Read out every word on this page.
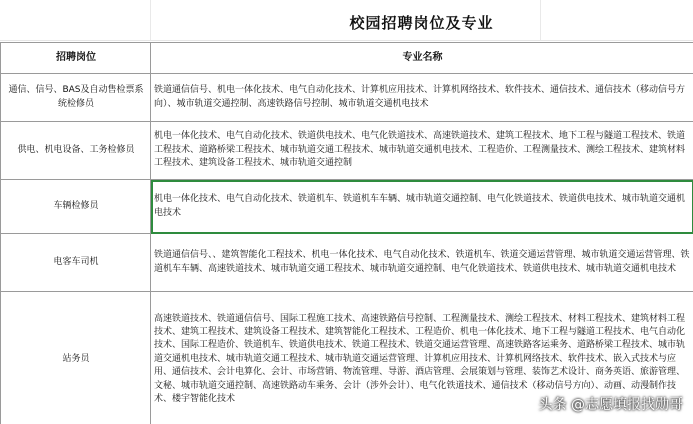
校园招聘岗位及专业
招聘岗位	专业名称
通信、信号、BAS及自动售检票系统检修员	铁道通信信号、机电一体化技术、电气自动化技术、计算机应用技术、计算机网络技术、软件技术、通信技术、通信技术（移动信号方向）、城市轨道交通控制、高速铁路信号控制、城市轨道交通机电技术
供电、机电设备、工务检修员	机电一体化技术、电气自动化技术、铁道供电技术、电气化铁道技术、高速铁道技术、建筑工程技术、地下工程与隧道工程技术、铁道工程技术、道路桥梁工程技术、城市轨道交通工程技术、城市轨道交通机电技术、工程造价、工程测量技术、测绘工程技术、建筑材料工程技术、建筑设备工程技术、城市轨道交通控制
车辆检修员	机电一体化技术、电气自动化技术、铁道机车、铁道机车车辆、城市轨道交通控制、电气化铁道技术、铁道供电技术、城市轨道交通机电技术
电客车司机	铁道通信信号、、建筑智能化工程技术、机电一体化技术、电气自动化技术、铁道机车、铁道交通运营管理、城市轨道交通运营管理、铁道机车车辆、高速铁道技术、城市轨道交通工程技术、城市轨道交通控制、电气化铁道技术、铁道供电技术、城市轨道交通机电技术
站务员	高速铁道技术、铁道通信信号、国际工程施工技术、高速铁路信号控制、工程测量技术、测绘工程技术、材料工程技术、建筑材料工程技术、建筑工程技术、建筑设备工程技术、建筑智能化工程技术、工程造价、机电一体化技术、地下工程与隧道工程技术、电气自动化技术、国际工程造价、铁道机车、铁道供电技术、铁道工程技术、铁道交通运营管理、高速铁路客运乘务、道路桥梁工程技术、城市轨道交通机电技术、城市轨道交通工程技术、城市轨道交通运营管理、计算机应用技术、计算机网络技术、软件技术、嵌入式技术与应用、通信技术、会计电算化、会计、市场营销、物流管理、导游、酒店管理、会展策划与管理、装饰艺术设计、商务英语、旅游管理、文秘、城市轨道交通控制、高速铁路动车乘务、会计（涉外会计）、电气化铁道技术、通信技术（移动信号方向）、动画、动漫制作技术、楼宇智能化技术	头条 @志愿填报找勋哥
